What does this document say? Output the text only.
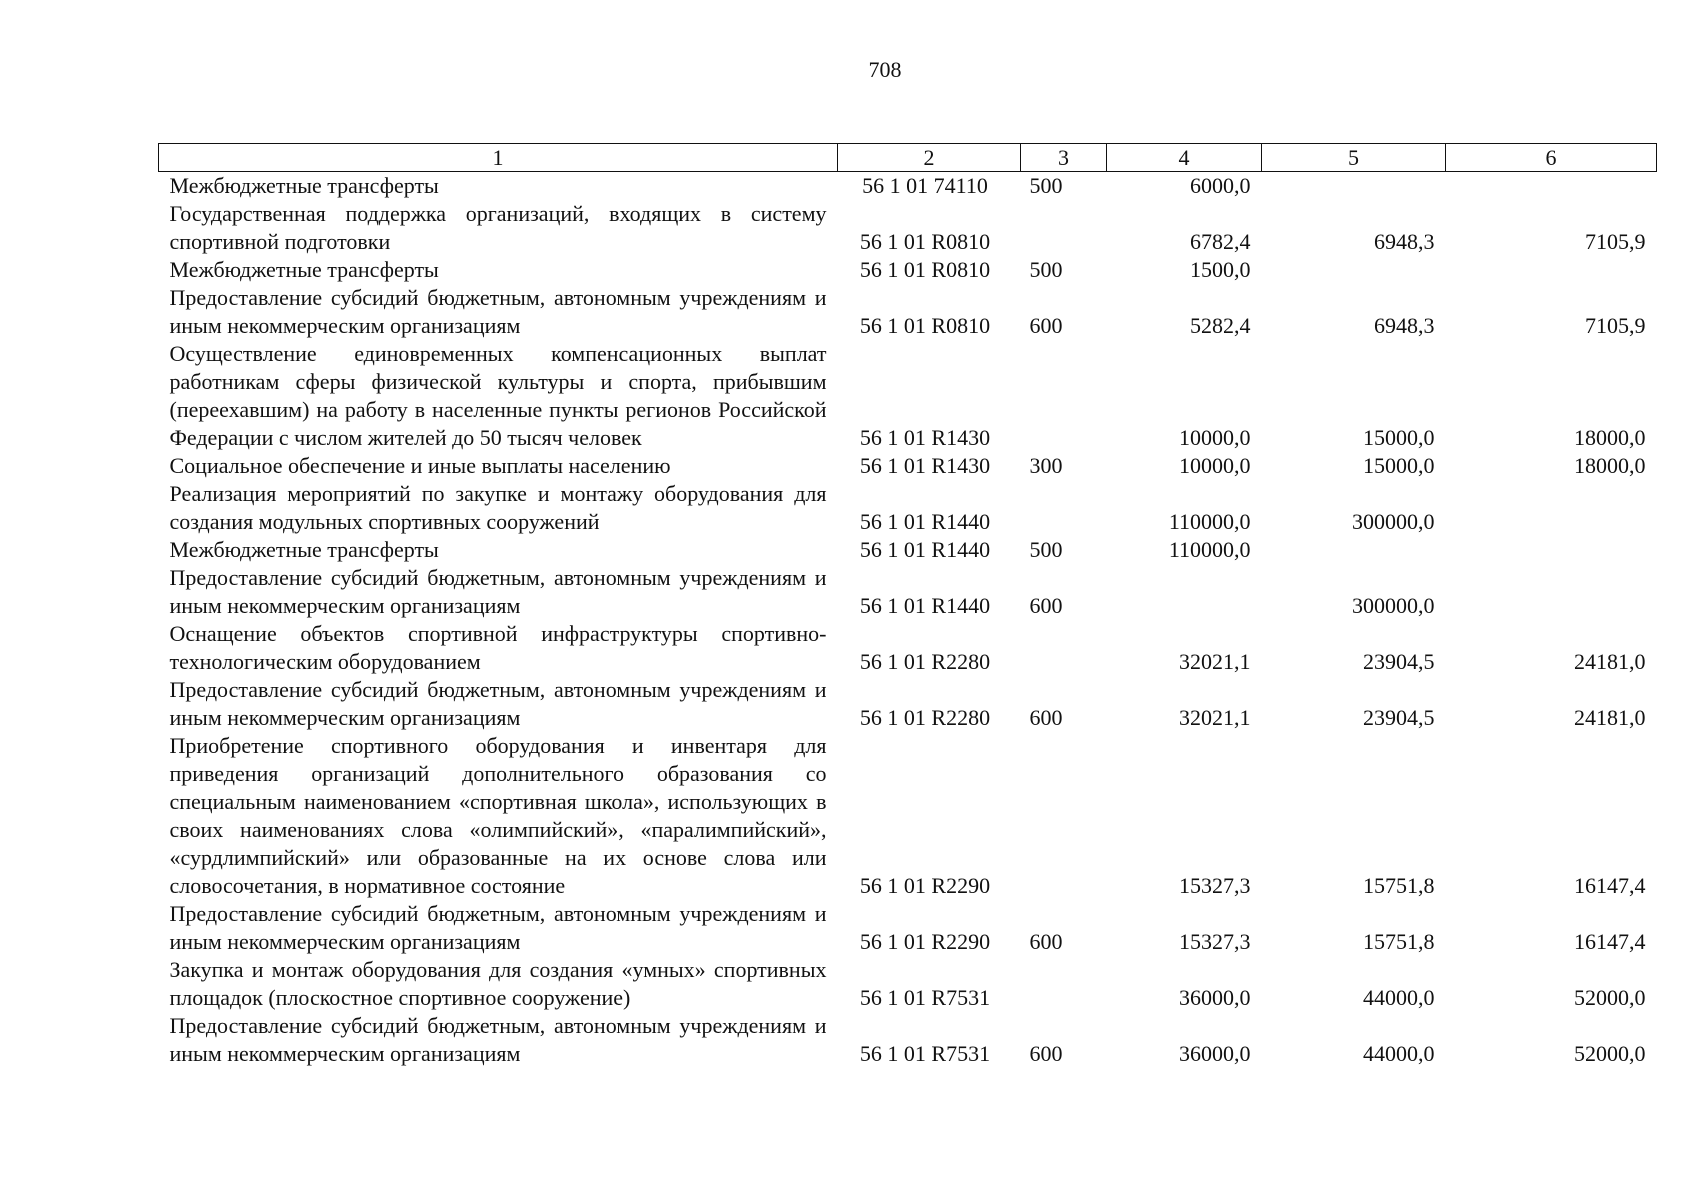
708
1	2	3	4	5	6
Межбюджетные трансферты	56 1 01 74110	500	6000,0		
Государственная поддержка организаций, входящих в систему спортивной подготовки	56 1 01 R0810		6782,4	6948,3	7105,9
Межбюджетные трансферты	56 1 01 R0810	500	1500,0		
Предоставление субсидий бюджетным, автономным учреждениям и иным некоммерческим организациям	56 1 01 R0810	600	5282,4	6948,3	7105,9
Осуществление единовременных компенсационных выплат работникам сферы физической культуры и спорта, прибывшим (переехавшим) на работу в населенные пункты регионов Российской Федерации с числом жителей до 50 тысяч человек	56 1 01 R1430		10000,0	15000,0	18000,0
Социальное обеспечение и иные выплаты населению	56 1 01 R1430	300	10000,0	15000,0	18000,0
Реализация мероприятий по закупке и монтажу оборудования для создания модульных спортивных сооружений	56 1 01 R1440		110000,0	300000,0	
Межбюджетные трансферты	56 1 01 R1440	500	110000,0		
Предоставление субсидий бюджетным, автономным учреждениям и иным некоммерческим организациям	56 1 01 R1440	600		300000,0	
Оснащение объектов спортивной инфраструктуры спортивно-технологическим оборудованием	56 1 01 R2280		32021,1	23904,5	24181,0
Предоставление субсидий бюджетным, автономным учреждениям и иным некоммерческим организациям	56 1 01 R2280	600	32021,1	23904,5	24181,0
Приобретение спортивного оборудования и инвентаря для приведения организаций дополнительного образования со специальным наименованием «спортивная школа», использующих в своих наименованиях слова «олимпийский», «паралимпийский», «сурдлимпийский» или образованные на их основе слова или словосочетания, в нормативное состояние	56 1 01 R2290		15327,3	15751,8	16147,4
Предоставление субсидий бюджетным, автономным учреждениям и иным некоммерческим организациям	56 1 01 R2290	600	15327,3	15751,8	16147,4
Закупка и монтаж оборудования для создания «умных» спортивных площадок (плоскостное спортивное сооружение)	56 1 01 R7531		36000,0	44000,0	52000,0
Предоставление субсидий бюджетным, автономным учреждениям и иным некоммерческим организациям	56 1 01 R7531	600	36000,0	44000,0	52000,0
